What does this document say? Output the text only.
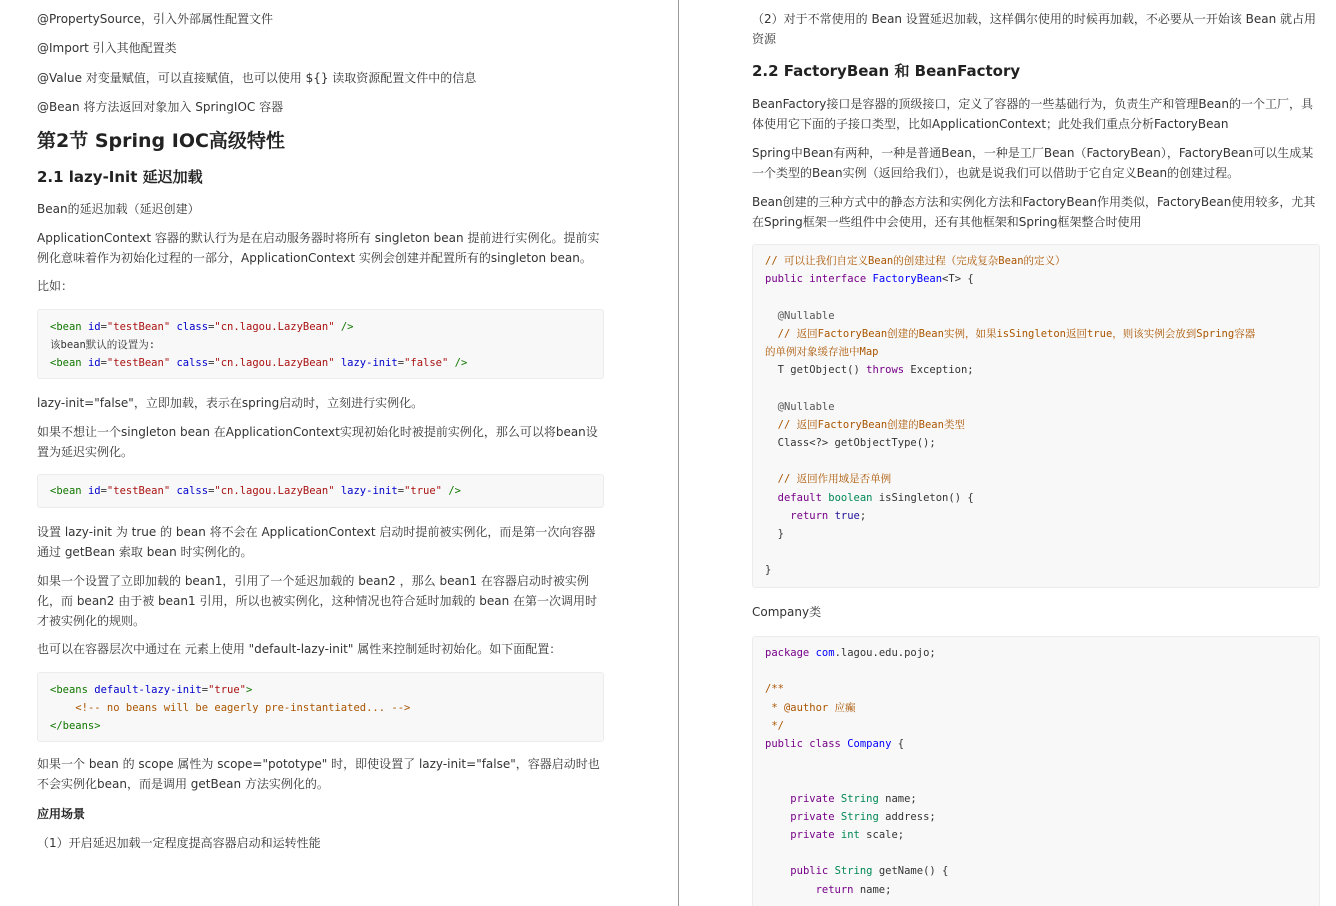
@PropertySource，引入外部属性配置文件

@Import 引入其他配置类

@Value 对变量赋值，可以直接赋值，也可以使用 ${} 读取资源配置文件中的信息

@Bean 将方法返回对象加入 SpringIOC 容器

第2节 Spring IOC高级特性
2.1 lazy-Init 延迟加载

Bean的延迟加载（延迟创建）

ApplicationContext 容器的默认行为是在启动服务器时将所有 singleton bean 提前进行实例化。提前实例化意味着作为初始化过程的一部分，ApplicationContext 实例会创建并配置所有的singleton bean。

比如：

<bean id="testBean" class="cn.lagou.LazyBean" />
该bean默认的设置为:
<bean id="testBean" calss="cn.lagou.LazyBean" lazy-init="false" />

lazy-init="false"，立即加载，表示在spring启动时，立刻进行实例化。

如果不想让一个singleton bean 在ApplicationContext实现初始化时被提前实例化，那么可以将bean设置为延迟实例化。

<bean id="testBean" calss="cn.lagou.LazyBean" lazy-init="true" />

设置 lazy-init 为 true 的 bean 将不会在 ApplicationContext 启动时提前被实例化，而是第一次向容器通过 getBean 索取 bean 时实例化的。

如果一个设置了立即加载的 bean1，引用了一个延迟加载的 bean2 ，那么 bean1 在容器启动时被实例化，而 bean2 由于被 bean1 引用，所以也被实例化，这种情况也符合延时加载的 bean 在第一次调用时才被实例化的规则。

也可以在容器层次中通过在 元素上使用 "default-lazy-init" 属性来控制延时初始化。如下面配置：

<beans default-lazy-init="true">
<!-- no beans will be eagerly pre-instantiated... -->
</beans>

如果一个 bean 的 scope 属性为 scope="pototype" 时，即使设置了 lazy-init="false"，容器启动时也不会实例化bean，而是调用 getBean 方法实例化的。

应用场景

（1）开启延迟加载一定程度提高容器启动和运转性能

（2）对于不常使用的 Bean 设置延迟加载，这样偶尔使用的时候再加载，不必要从一开始该 Bean 就占用资源

2.2 FactoryBean 和 BeanFactory

BeanFactory接口是容器的顶级接口，定义了容器的一些基础行为，负责生产和管理Bean的一个工厂，具体使用它下面的子接口类型，比如ApplicationContext；此处我们重点分析FactoryBean

Spring中Bean有两种，一种是普通Bean，一种是工厂Bean（FactoryBean），FactoryBean可以生成某一个类型的Bean实例（返回给我们），也就是说我们可以借助于它自定义Bean的创建过程。

Bean创建的三种方式中的静态方法和实例化方法和FactoryBean作用类似，FactoryBean使用较多，尤其在Spring框架一些组件中会使用，还有其他框架和Spring框架整合时使用

// 可以让我们自定义Bean的创建过程（完成复杂Bean的定义）
public interface FactoryBean<T> {
@Nullable
// 返回FactoryBean创建的Bean实例，如果isSingleton返回true，则该实例会放到Spring容器
的单例对象缓存池中Map
T getObject() throws Exception;
@Nullable
// 返回FactoryBean创建的Bean类型
Class<?> getObjectType();
// 返回作用域是否单例
default boolean isSingleton() {
return true;
}
}

Company类

package com.lagou.edu.pojo;
/**
* @author 应癫
*/
public class Company {
private String name;
private String address;
private int scale;
public String getName() {
return name;
